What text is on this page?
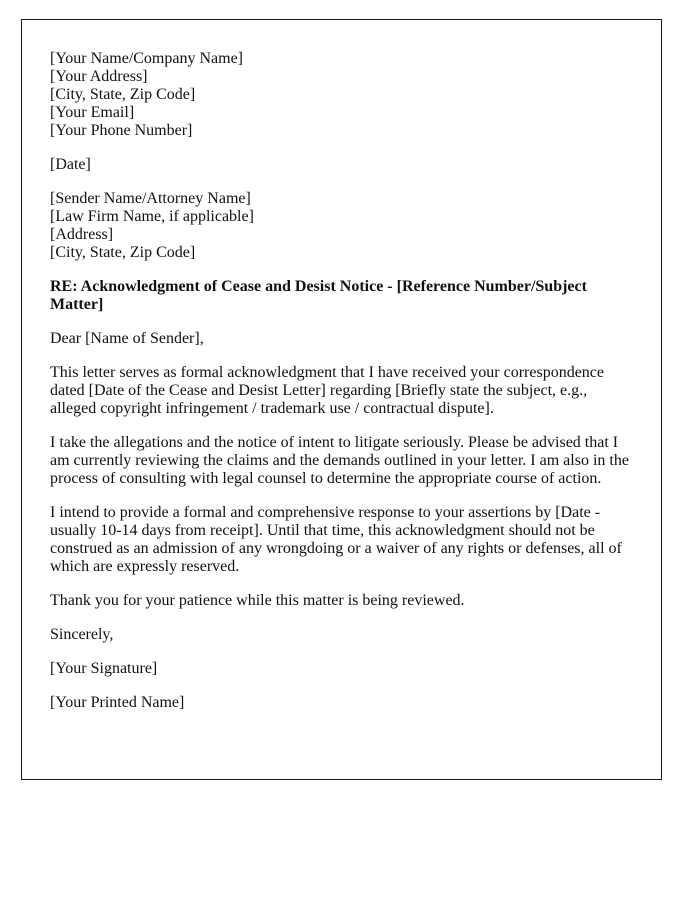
[Your Name/Company Name]
[Your Address]
[City, State, Zip Code]
[Your Email]
[Your Phone Number]

[Date]

[Sender Name/Attorney Name]
[Law Firm Name, if applicable]
[Address]
[City, State, Zip Code]

RE: Acknowledgment of Cease and Desist Notice - [Reference Number/Subject Matter]

Dear [Name of Sender],

This letter serves as formal acknowledgment that I have received your correspondence dated [Date of the Cease and Desist Letter] regarding [Briefly state the subject, e.g., alleged copyright infringement / trademark use / contractual dispute].

I take the allegations and the notice of intent to litigate seriously. Please be advised that I am currently reviewing the claims and the demands outlined in your letter. I am also in the process of consulting with legal counsel to determine the appropriate course of action.

I intend to provide a formal and comprehensive response to your assertions by [Date - usually 10-14 days from receipt]. Until that time, this acknowledgment should not be construed as an admission of any wrongdoing or a waiver of any rights or defenses, all of which are expressly reserved.

Thank you for your patience while this matter is being reviewed.

Sincerely,

[Your Signature]

[Your Printed Name]
